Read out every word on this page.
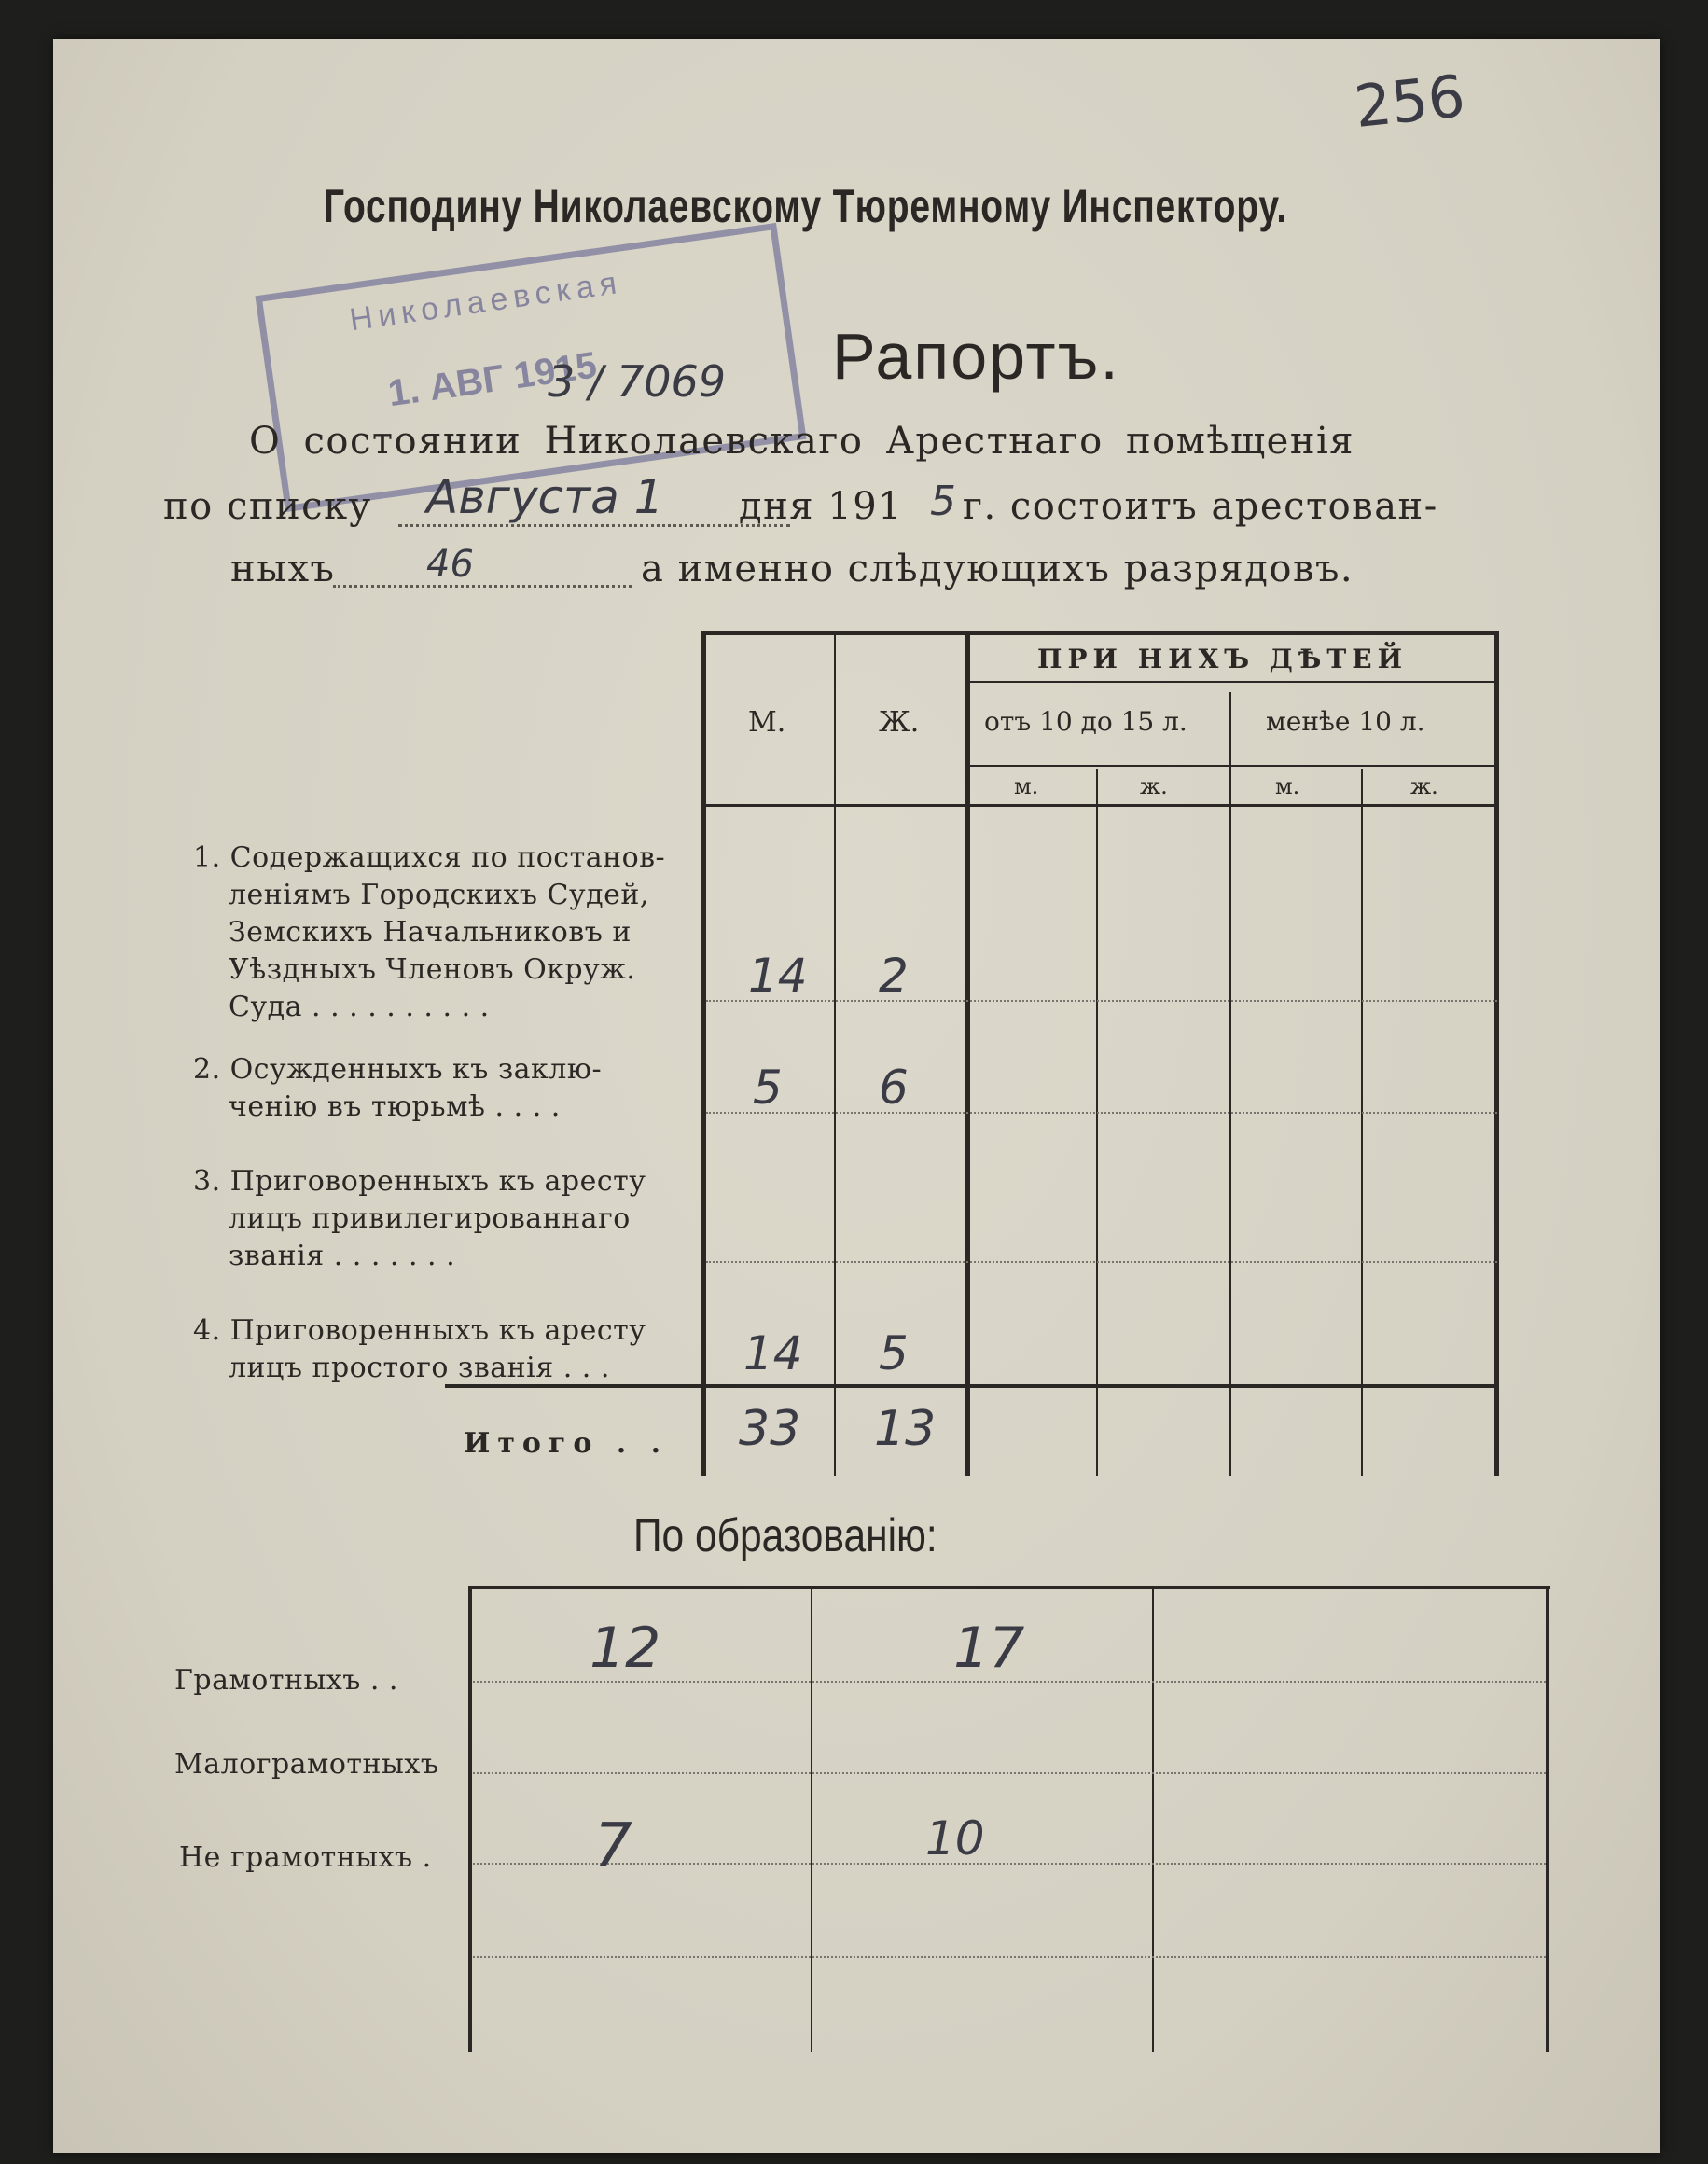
256
Господину Николаевскому Тюремному Инспектору.
Николаевская
1. АВГ 1915
3 / 7069 Рапортъ.
О состоянии Николаевскаго Арестнаго помѣщенія
по списку Августа 1 дня 191 5 г. состоитъ арестован-
ныхъ 46	а именно слѣдующихъ разрядовъ.
М.	Ж.
ПРИ НИХЪ ДѢТЕЙ
отъ 10 до 15 л.	менѣе 10 л.
м.	ж.	м.	ж.
1. Содержащихся по постанов-
леніямъ Городскихъ Судей,
Земскихъ Начальниковъ и
Уѣздныхъ Членовъ Окруж.
Суда . . . . . . . . . .
14 2
2. Осужденныхъ къ заклю-
ченію въ тюрьмѣ . . . .	5 6
3. Приговоренныхъ къ аресту
лицъ привилегированнаго
званія . . . . . . .
4. Приговоренныхъ къ аресту
лицъ простого званія . . .	14 5
Итого . . 33 13
По образованію:
Грамотныхъ . .	12	17
Малограмотныхъ
Не грамотныхъ .	7	10
